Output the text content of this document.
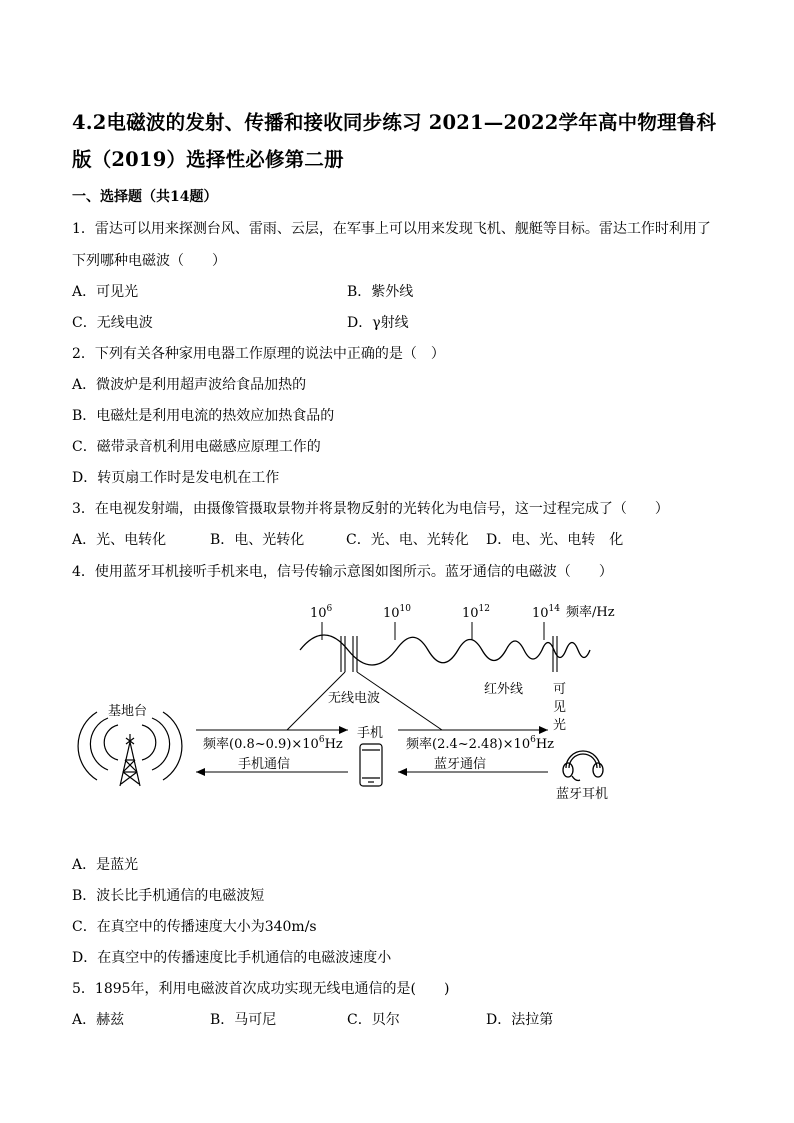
4.2电磁波的发射、传播和接收同步练习 2021—2022学年高中物理鲁科版（2019）选择性必修第二册
一、选择题（共14题）
1．雷达可以用来探测台风、雷雨、云层，在军事上可以用来发现飞机、舰艇等目标。雷达工作时利用了
下列哪种电磁波（　　）
A．可见光	B．紫外线
C．无线电波	D．γ射线
2．下列有关各种家用电器工作原理的说法中正确的是（　）
A．微波炉是利用超声波给食品加热的
B．电磁灶是利用电流的热效应加热食品的
C．磁带录音机利用电磁感应原理工作的
D．转页扇工作时是发电机在工作
3．在电视发射端，由摄像管摄取景物并将景物反射的光转化为电信号，这一过程完成了（　　）
A．光、电转化	B．电、光转化	C．光、电、光转化 D．电、光、电转　化
4．使用蓝牙耳机接听手机来电，信号传输示意图如图所示。蓝牙通信的电磁波（　　）
$10^6$	$10^{10}$	$10^{12}$	$10^{14}$ 频率/Hz
无线电波
红外线 可
见
光
基地台
频率$(0.8\sim 0.9)\times 10^6Hz$
手机通信
手机
频率$(2.4\sim 2.48)\times 10^6Hz$
蓝牙通信
蓝牙耳机
A．是蓝光
B．波长比手机通信的电磁波短
C．在真空中的传播速度大小为340m/s
D．在真空中的传播速度比手机通信的电磁波速度小
5．1895年，利用电磁波首次成功实现无线电通信的是(　　)
A．赫兹	B．马可尼	C．贝尔	D．法拉第
